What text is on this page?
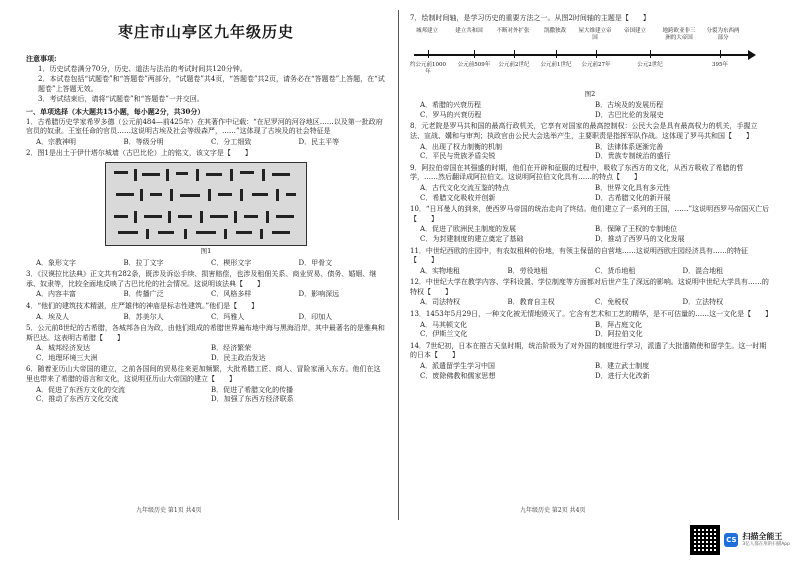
枣庄市山亭区九年级历史
注意事项:
1．历史试卷满分70分，历史、道法与法治的考试时间共120分钟。
2．本试卷包括“试题卷”和“答题卷”两部分，“试题卷”共4页，“答题卷”共2页，请务必在“答题卷”上答题，在“试题卷”上答题无效。
3．考试结束后，请将“试题卷”和“答题卷”一并交回。
一、单项选择（本大题共15小题，每小题2分，共30分）
1．古希腊历史学家希罗多德（公元前484—前425年）在其著作中记载：“在尼罗河的河谷地区……以及第一批政府官员的奴隶。王室任命的官员……这说明古埃及社会等级森严，……”这体现了古埃及的社会特征是
A．宗教神明	B．等级分明	C．分工细致	D．民主平等
2．图1是出土于伊什塔尔城墙（古巴比伦）上的铭文，该文字是【　　】
图1
A．象形文字	B．拉丁文字	C．楔形文字	D．甲骨文
3．《汉谟拉比法典》正文共有282条，既涉及诉讼手续、损害赔偿，也涉及租佃关系、商业贸易、债务、婚姻、继承、奴隶等，比较全面地反映了古巴比伦的社会情况。这说明该法典【　　】
A．内容丰富	B．传播广泛	C．风格多样	D．影响深远
4．“他们的建筑技术精湛，庄严雄伟的神庙是标志性建筑。”他们是【　　】
A．埃及人	B．苏美尔人	C．玛雅人	D．印加人
5．公元前8世纪的古希腊，各城邦各自为政，由他们组成的希腊世界遍布地中海与黑海沿岸，其中最著名的是雅典和斯巴达。这表明古希腊【　　】
A．城邦经济发达	B．经济繁荣
C．地理环境三大洲	D．民主政治发达
6．随着亚历山大帝国的建立，之前各国间的贸易往来更加频繁，大批希腊工匠、商人、冒险家涌入东方。他们在这里也带来了希腊的语言和文化，这说明亚历山大帝国的建立【　　】
A．促进了东西方文化的交流	B．促进了希腊文化的传播
C．推动了东西方文化交流	D．加强了东西方经济联系
九年级历史 第1页 共4页
7．绘制时间轴，是学习历史的重要方法之一。从图2时间轴的主题是【　　】
城邦建立	建立共和国	不断对外扩张	凯撒独裁	屋大维建立帝国
帝国建立	地跨欧亚非三洲的大帝国
分裂为东西两部分
约公元前1000年
公元前509年	公元前2世纪	公元前1世纪	公元前27年	公元2世纪	395年
图2
A．希腊的兴衰历程	B．古埃及的发展历程
C．罗马的兴衰历程	D．古巴比伦的发展史
8．元老院是罗马共和国的最高行政机关，它享有对国家的最高控制权：公民大会是具有最高权力的机关，手握立法、宣战、媾和与审判；执政官由公民大会选举产生，主要职责是指挥军队作战。这体现了罗马共和国【　　】
A．出现了权力制衡的机制	B．法律体系逐渐完善
C．平民与贵族矛盾尖锐	D．贵族专制统治的盛行
9．阿拉伯帝国在其强盛的时期，他们在开辟和征服的过程中，吸收了东西方的文化，从西方吸收了希腊的哲学，……然后翻译成阿拉伯文。这说明阿拉伯文化具有……的特点【　　】
A．古代文化交流互鉴的特点	B．世界文化具有多元性
C．希腊文化吸收并创新	D．古希腊文化的新开展
10．“日耳曼人的到来，使西罗马帝国的统治走向了终结。他们建立了一系列的王国，……”这说明西罗马帝国灭亡后【　　】
A．促进了欧洲民主制度的发展	B．保障了王权的专制地位
C．为封建制度的建立奠定了基础	D．推动了西罗马的文化发展
11．中世纪西欧的庄园中，有农奴租种的份地，有领主保留的自营地……这说明西欧庄园经济具有……的特征【　　】
A．实物地租	B．劳役地租	C．货币地租	D．混合地租
12．中世纪大学在教学内容、学科设置、学位制度等方面都对后世产生了深远的影响。这说明中世纪大学具有……的特权【　　】
A．司法特权	B．教育自主权	C．免税权	D．立法特权
13．1453年5月29日，一种文化被无情地毁灭了。它含有艺术和工艺的精华，是不可估量的……这一文化是【　　】
A．马其顿文化	B．拜占庭文化
C．伊斯兰文化	D．阿拉伯文化
14．7世纪初，日本在推古天皇时期，统治阶级为了对外国的制度进行学习，派遣了大批遣隋使和留学生。这一时期的日本【　　】
A．派遣留学生学习中国	B．建立武士制度
C．废除佛教和儒家思想	D．进行大化改新
九年级历史 第2页 共4页
CS 扫描全能王
3亿人都在用的扫描App
